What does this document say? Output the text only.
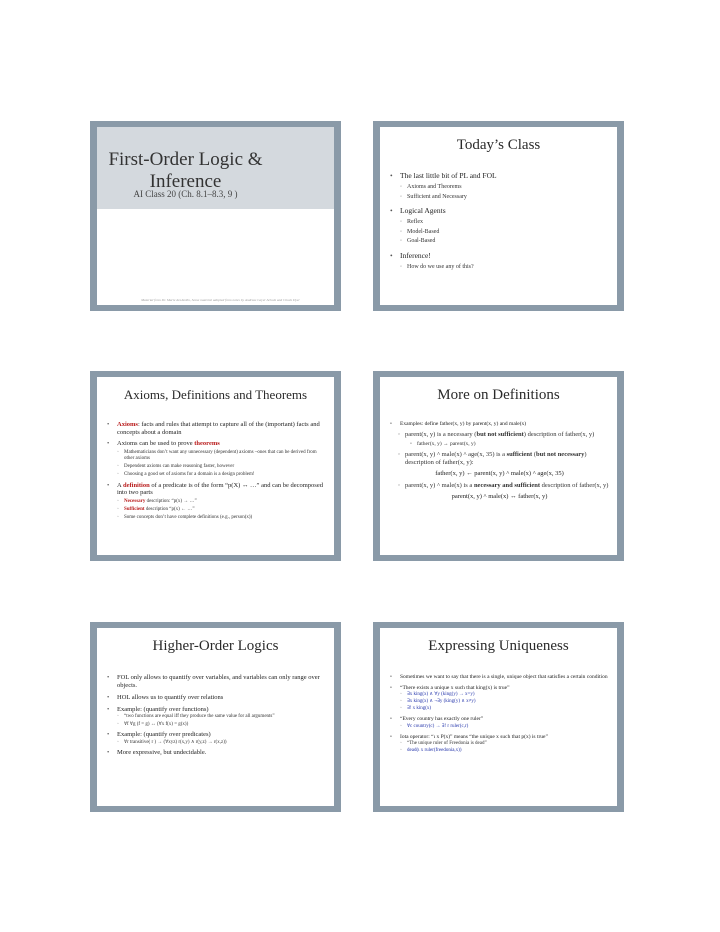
First-Order Logic &
Inference
AI Class 20 (Ch. 8.1–8.3, 9 )
Material from Dr. Marie desJardin, Some material adopted from notes by Andreas Geyer-Schulz and Chuck Dyer
Today’s Class
• The last little bit of PL and FOL
◦ Axioms and Theorems
◦ Sufficient and Necessary
• Logical Agents
◦ Reflex
◦ Model-Based
◦ Goal-Based
• Inference!
◦ How do we use any of this?
Axioms, Definitions and Theorems
• Axioms: facts and rules that attempt to capture all of the (important) facts and concepts about a domain
• Axioms can be used to prove theorems
◦ Mathematicians don’t want any unnecessary (dependent) axioms –ones that can be derived from other axioms
◦ Dependent axioms can make reasoning faster, however
◦ Choosing a good set of axioms for a domain is a design problem!
• A definition of a predicate is of the form “p(X) ↔ …” and can be decomposed into two parts
◦ Necessary description: “p(x) → …”
◦ Sufficient description “p(x) ← …”
◦ Some concepts don’t have complete definitions (e.g., person(x))
More on Definitions
• Examples: define father(x, y) by parent(x, y) and male(x)
◦ parent(x, y) is a necessary (but not sufficient) description of father(x, y)
• father(x, y) → parent(x, y)
◦ parent(x, y) ^ male(x) ^ age(x, 35) is a sufficient (but not necessary) description of father(x, y):
father(x, y) ← parent(x, y) ^ male(x) ^ age(x, 35)
◦ parent(x, y) ^ male(x) is a necessary and sufficient description of father(x, y)
parent(x, y) ^ male(x) ↔ father(x, y)
Higher-Order Logics
• FOL only allows to quantify over variables, and variables can only range over objects.
• HOL allows us to quantify over relations
• Example: (quantify over functions)
◦ “two functions are equal iff they produce the same value for all arguments”
◦ ∀f ∀g (f = g) ↔ (∀x f(x) = g(x))
• Example: (quantify over predicates)
◦ ∀r transitive( r ) → (∀xyz) r(x,y) ∧ r(y,z) → r(x,z))
• More expressive, but undecidable.
Expressing Uniqueness
• Sometimes we want to say that there is a single, unique object that satisfies a certain condition
• “There exists a unique x such that king(x) is true”
◦ ∃x king(x) ∧ ∀y (king(y) → x=y)
◦ ∃x king(x) ∧ ¬∃y (king(y) ∧ x≠y)
◦ ∃! x king(x)
• “Every country has exactly one ruler”
◦ ∀c country(c) → ∃! r ruler(c,r)
• Iota operator: “ι x P(x)” means “the unique x such that p(x) is true”
◦ “The unique ruler of Freedonia is dead”
◦ dead(ι x ruler(freedonia,x))
